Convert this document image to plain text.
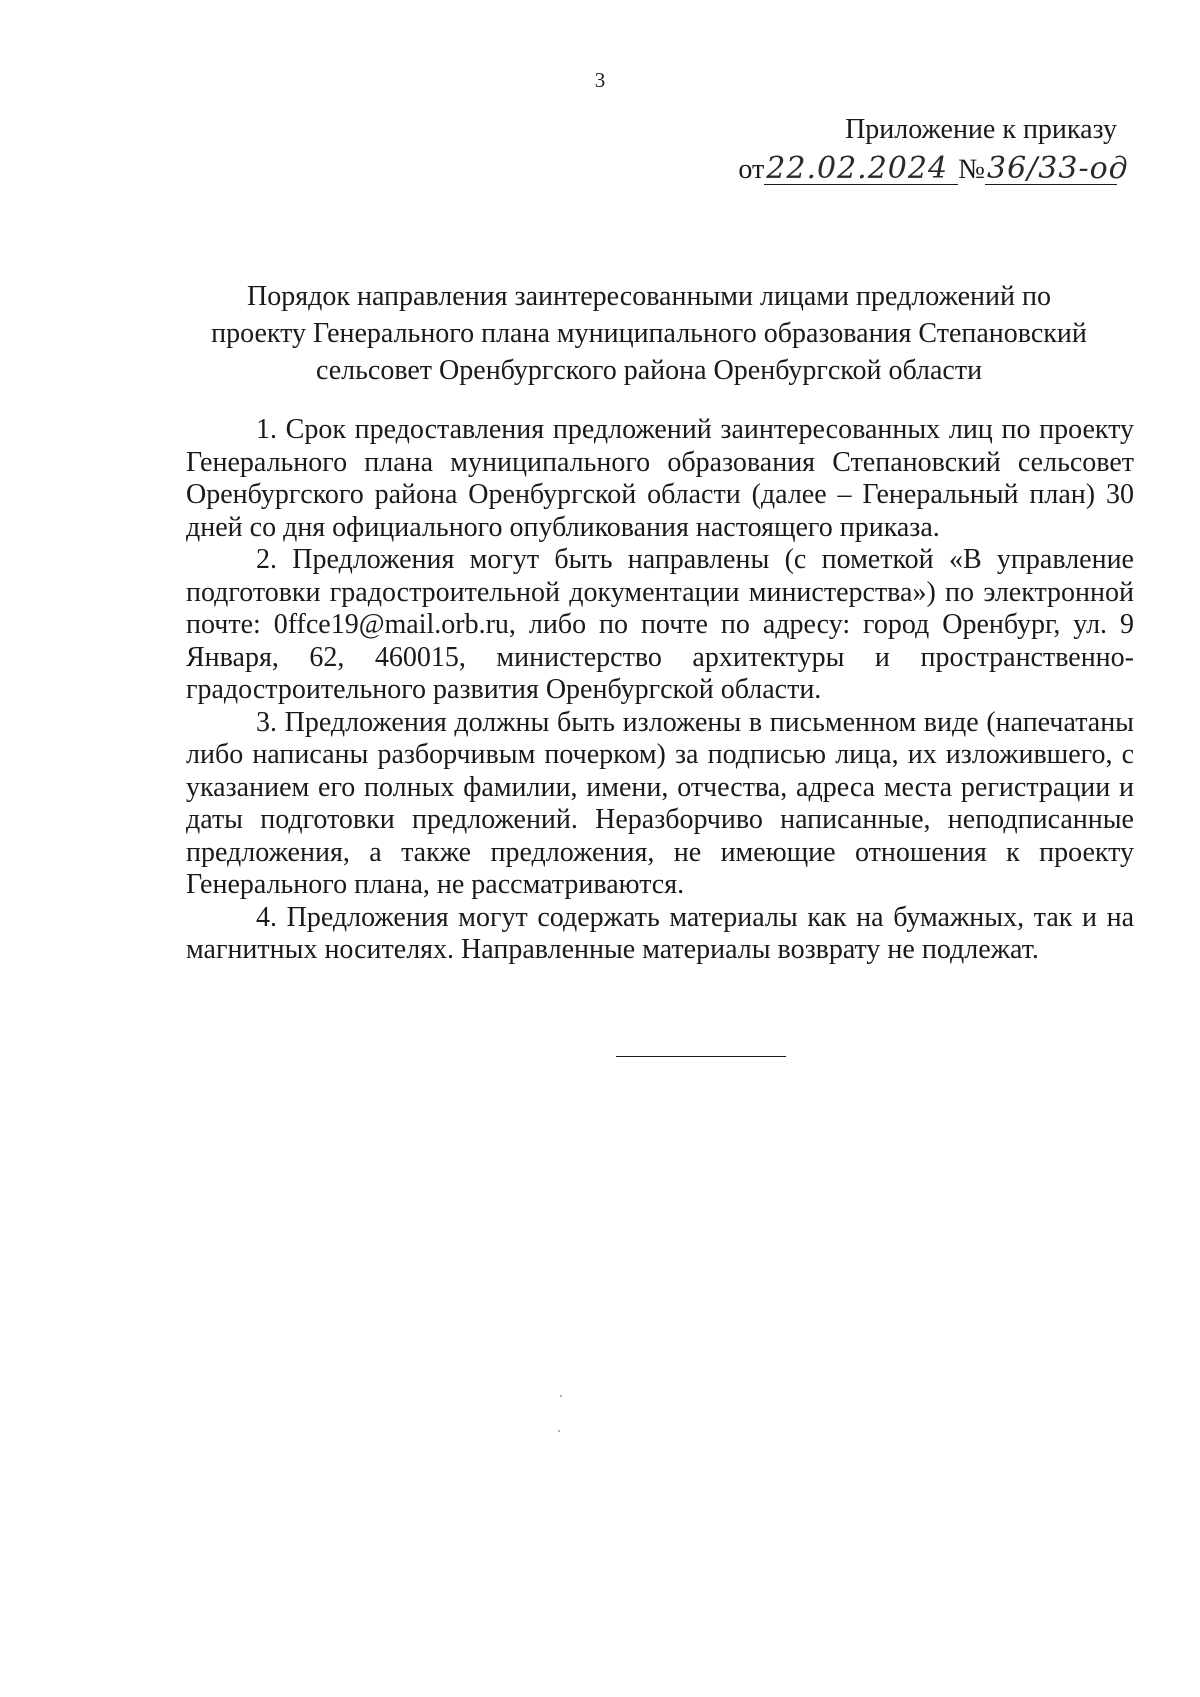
3
Приложение к приказу
от22.02.2024 №36/33-од
Порядок направления заинтересованными лицами предложений по
проекту Генерального плана муниципального образования Степановский
сельсовет Оренбургского района Оренбургской области

1. Срок предоставления предложений заинтересованных лиц по проекту Генерального плана муниципального образования Степановский сельсовет Оренбургского района Оренбургской области (далее – Генеральный план) 30 дней со дня официального опубликования настоящего приказа.

2. Предложения могут быть направлены (с пометкой «В управление подготовки градостроительной документации министерства») по электронной почте: 0ffce19@mail.orb.ru, либо по почте по адресу: город Оренбург, ул. 9 Января, 62, 460015, министерство архитектуры и пространственно-градостроительного развития Оренбургской области.

3. Предложения должны быть изложены в письменном виде (напечатаны либо написаны разборчивым почерком) за подписью лица, их изложившего, с указанием его полных фамилии, имени, отчества, адреса места регистрации и даты подготовки предложений. Неразборчиво написанные, неподписанные предложения, а также предложения, не имеющие отношения к проекту Генерального плана, не рассматриваются.

4. Предложения могут содержать материалы как на бумажных, так и на магнитных носителях. Направленные материалы возврату не подлежат.
